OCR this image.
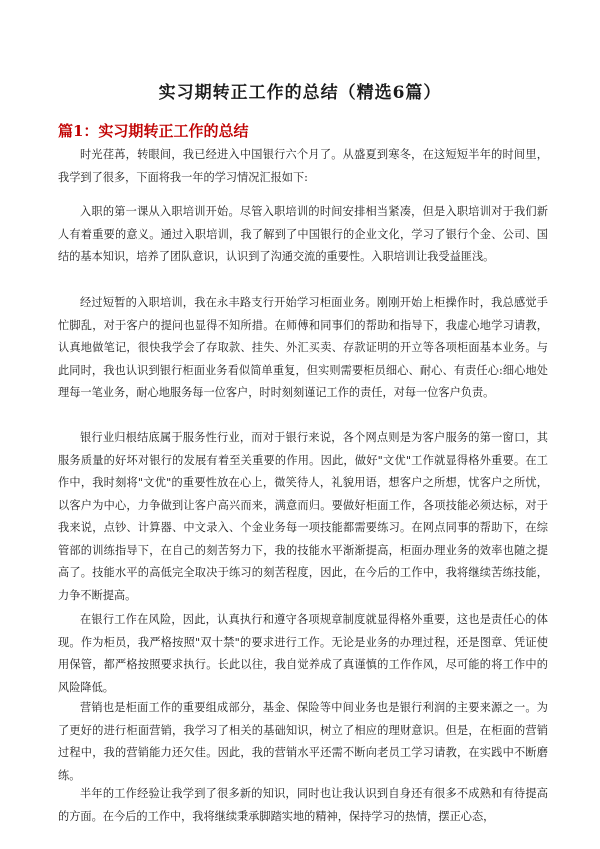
实习期转正工作的总结（精选6篇）
篇1：实习期转正工作的总结

时光荏苒，转眼间，我已经进入中国银行六个月了。从盛夏到寒冬，在这短短半年的时间里，我学到了很多，下面将我一年的学习情况汇报如下:

入职的第一课从入职培训开始。尽管入职培训的时间安排相当紧凑，但是入职培训对于我们新人有着重要的意义。通过入职培训，我了解到了中国银行的企业文化，学习了银行个金、公司、国结的基本知识，培养了团队意识，认识到了沟通交流的重要性。入职培训让我受益匪浅。

经过短暂的入职培训，我在永丰路支行开始学习柜面业务。刚刚开始上柜操作时，我总感觉手忙脚乱，对于客户的提问也显得不知所措。在师傅和同事们的帮助和指导下，我虚心地学习请教，认真地做笔记，很快我学会了存取款、挂失、外汇买卖、存款证明的开立等各项柜面基本业务。与此同时，我也认识到银行柜面业务看似简单重复，但实则需要柜员细心、耐心、有责任心:细心地处理每一笔业务，耐心地服务每一位客户，时时刻刻谨记工作的责任，对每一位客户负责。

银行业归根结底属于服务性行业，而对于银行来说，各个网点则是为客户服务的第一窗口，其服务质量的好坏对银行的发展有着至关重要的作用。因此，做好"文优"工作就显得格外重要。在工作中，我时刻将"文优"的重要性放在心上，微笑待人，礼貌用语，想客户之所想，忧客户之所忧，以客户为中心，力争做到让客户高兴而来，满意而归。要做好柜面工作，各项技能必须达标，对于我来说，点钞、计算器、中文录入、个金业务每一项技能都需要练习。在网点同事的帮助下，在综管部的训练指导下，在自己的刻苦努力下，我的技能水平渐渐提高，柜面办理业务的效率也随之提高了。技能水平的高低完全取决于练习的刻苦程度，因此，在今后的工作中，我将继续苦练技能，力争不断提高。

在银行工作在风险，因此，认真执行和遵守各项规章制度就显得格外重要，这也是责任心的体现。作为柜员，我严格按照"双十禁"的要求进行工作。无论是业务的办理过程，还是图章、凭证使用保管，都严格按照要求执行。长此以往，我自觉养成了真谨慎的工作作风，尽可能的将工作中的风险降低。

营销也是柜面工作的重要组成部分，基金、保险等中间业务也是银行利润的主要来源之一。为了更好的进行柜面营销，我学习了相关的基础知识，树立了相应的理财意识。但是，在柜面的营销过程中，我的营销能力还欠佳。因此，我的营销水平还需不断向老员工学习请教，在实践中不断磨练。

半年的工作经验让我学到了很多新的知识，同时也让我认识到自身还有很多不成熟和有待提高的方面。在今后的工作中，我将继续秉承脚踏实地的精神，保持学习的热情，摆正心态，
